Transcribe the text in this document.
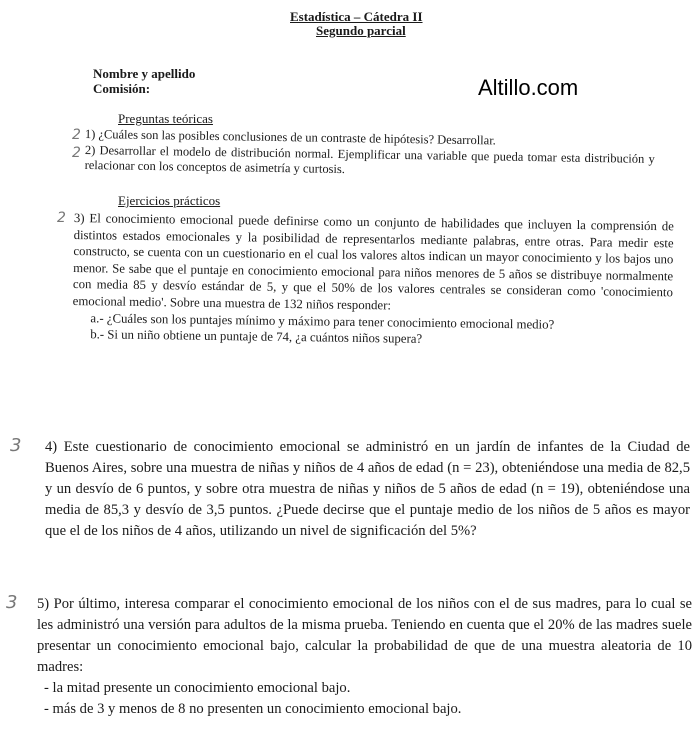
Estadística – Cátedra II
Segundo parcial
Nombre y apellido
Comisión:	Altillo.com
Preguntas teóricas

1) ¿Cuáles son las posibles conclusiones de un contraste de hipótesis? Desarrollar.

2) Desarrollar el modelo de distribución normal. Ejemplificar una variable que pueda tomar esta distribución y relacionar con los conceptos de asimetría y curtosis.

Ejercicios prácticos

3) El conocimiento emocional puede definirse como un conjunto de habilidades que incluyen la comprensión de distintos estados emocionales y la posibilidad de representarlos mediante palabras, entre otras. Para medir este constructo, se cuenta con un cuestionario en el cual los valores altos indican un mayor conocimiento y los bajos uno menor. Se sabe que el puntaje en conocimiento emocional para niños menores de 5 años se distribuye normalmente con media 85 y desvío estándar de 5, y que el 50% de los valores centrales se consideran como 'conocimiento emocional medio'. Sobre una muestra de 132 niños responder:

a.- ¿Cuáles son los puntajes mínimo y máximo para tener conocimiento emocional medio?

b.- Si un niño obtiene un puntaje de 74, ¿a cuántos niños supera?

4) Este cuestionario de conocimiento emocional se administró en un jardín de infantes de la Ciudad de Buenos Aires, sobre una muestra de niñas y niños de 4 años de edad (n = 23), obteniéndose una media de 82,5 y un desvío de 6 puntos, y sobre otra muestra de niñas y niños de 5 años de edad (n = 19), obteniéndose una media de 85,3 y desvío de 3,5 puntos. ¿Puede decirse que el puntaje medio de los niños de 5 años es mayor que el de los niños de 4 años, utilizando un nivel de significación del 5%?

5) Por último, interesa comparar el conocimiento emocional de los niños con el de sus madres, para lo cual se les administró una versión para adultos de la misma prueba. Teniendo en cuenta que el 20% de las madres suele presentar un conocimiento emocional bajo, calcular la probabilidad de que de una muestra aleatoria de 10 madres:

- la mitad presente un conocimiento emocional bajo.

- más de 3 y menos de 8 no presenten un conocimiento emocional bajo.

2
2
2
3
3
